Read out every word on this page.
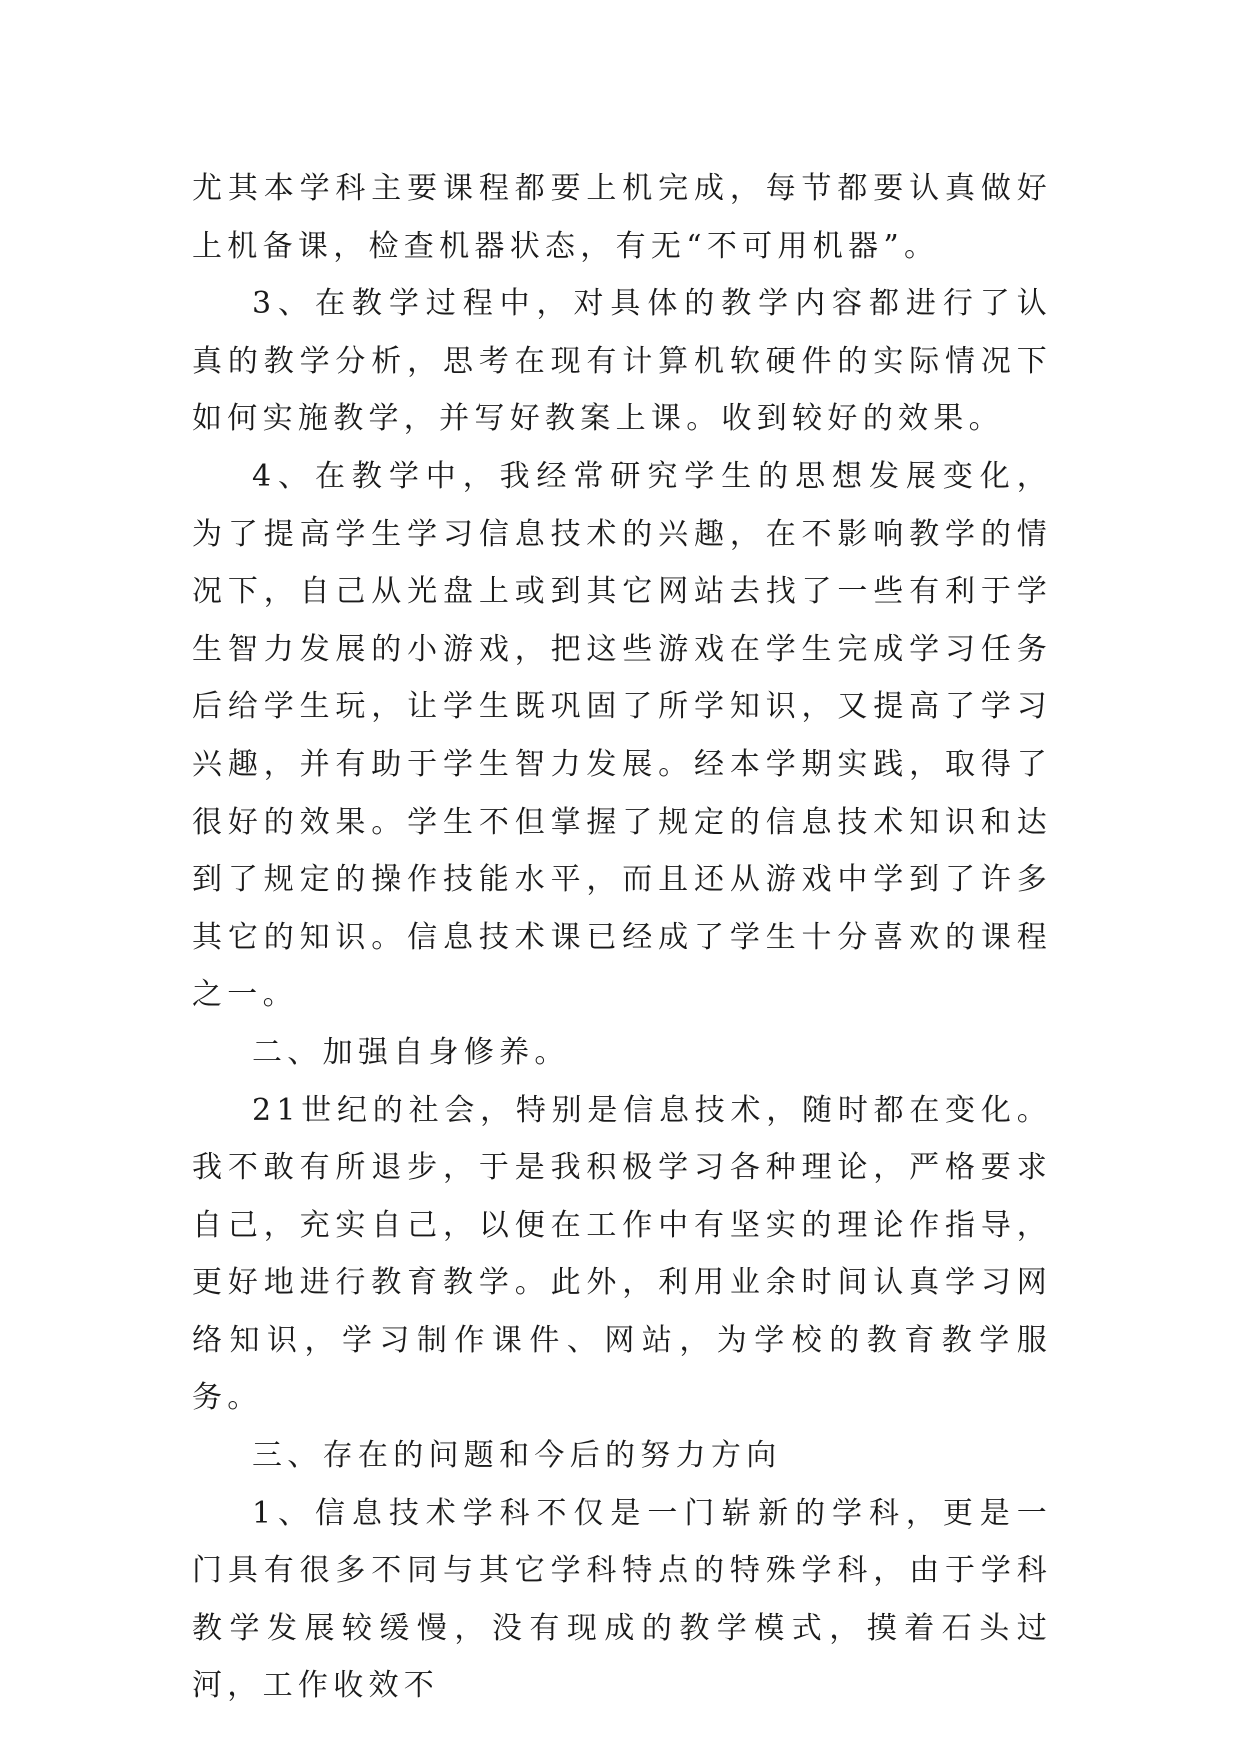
尤其本学科主要课程都要上机完成，每节都要认真做好上机备课，检查机器状态，有无“不可用机器”。

3、在教学过程中，对具体的教学内容都进行了认真的教学分析，思考在现有计算机软硬件的实际情况下如何实施教学，并写好教案上课。收到较好的效果。

4、在教学中，我经常研究学生的思想发展变化，为了提高学生学习信息技术的兴趣，在不影响教学的情况下，自己从光盘上或到其它网站去找了一些有利于学生智力发展的小游戏，把这些游戏在学生完成学习任务后给学生玩，让学生既巩固了所学知识，又提高了学习兴趣，并有助于学生智力发展。经本学期实践，取得了很好的效果。学生不但掌握了规定的信息技术知识和达到了规定的操作技能水平，而且还从游戏中学到了许多其它的知识。信息技术课已经成了学生十分喜欢的课程之一。

二、加强自身修养。

21世纪的社会，特别是信息技术，随时都在变化。我不敢有所退步，于是我积极学习各种理论，严格要求自己，充实自己，以便在工作中有坚实的理论作指导，更好地进行教育教学。此外，利用业余时间认真学习网络知识，学习制作课件、网站，为学校的教育教学服务。

三、存在的问题和今后的努力方向

1、信息技术学科不仅是一门崭新的学科，更是一门具有很多不同与其它学科特点的特殊学科，由于学科教学发展较缓慢，没有现成的教学模式，摸着石头过河，工作收效不
